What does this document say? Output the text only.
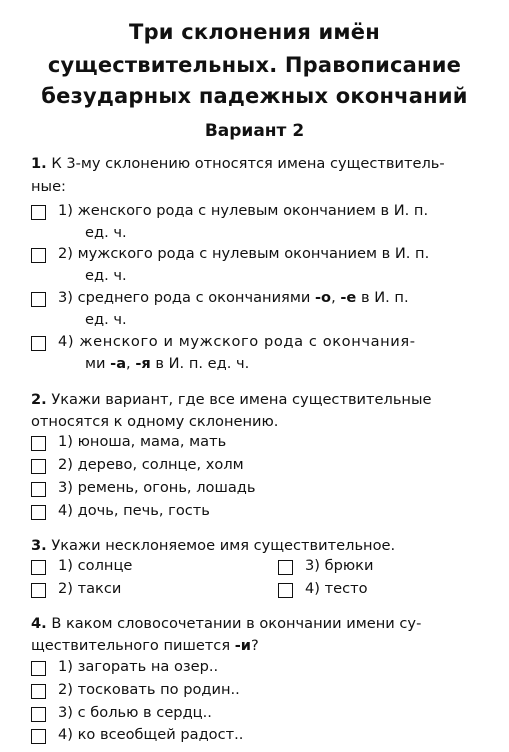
Три склонения имён
существительных. Правописание
безударных падежных окончаний
Вариант 2
1. К 3-му склонению относятся имена существитель-
ные:
1) женского рода с нулевым окончанием в И. п.
ед. ч.
2) мужского рода с нулевым окончанием в И. п.
ед. ч.
3) среднего рода с окончаниями -о, -е в И. п.
ед. ч.
4) женского и мужского рода с окончания-
ми -а, -я в И. п. ед. ч.
2. Укажи вариант, где все имена существительные
относятся к одному склонению.
1) юноша, мама, мать
2) дерево, солнце, холм
3) ремень, огонь, лошадь
4) дочь, печь, гость
3. Укажи несклоняемое имя существительное.
1) солнце
2) такси
3) брюки
4) тесто
4. В каком словосочетании в окончании имени су-
ществительного пишется -и?
1) загорать на озер..
2) тосковать по родин..
3) с болью в сердц..
4) ко всеобщей радост..
